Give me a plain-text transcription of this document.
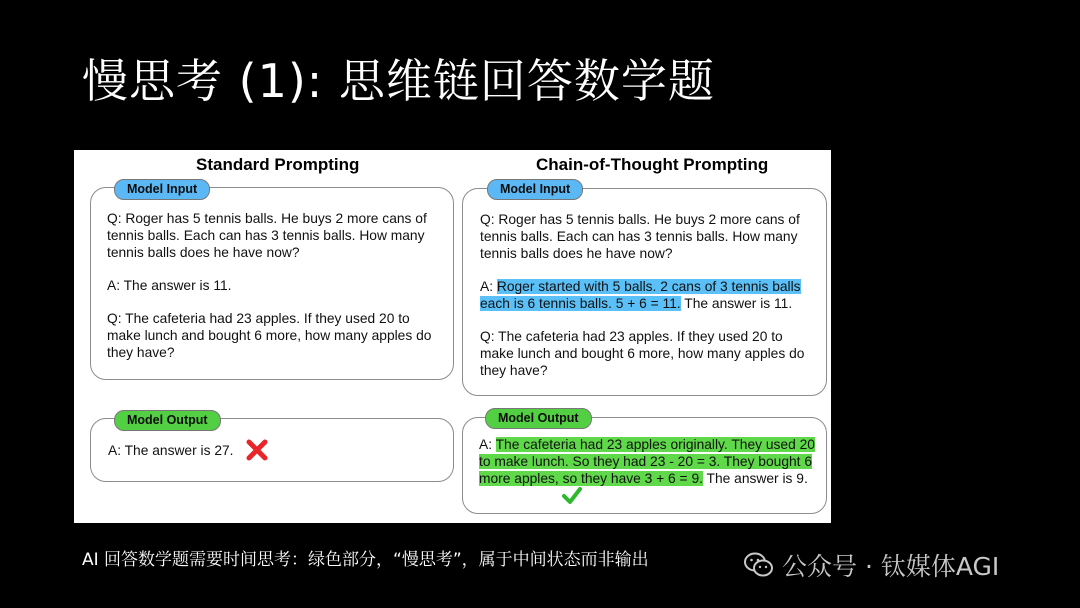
慢思考 (1): 思维链回答数学题
Standard Prompting

Q: Roger has 5 tennis balls. He buys 2 more cans of tennis balls. Each can has 3 tennis balls. How many tennis balls does he have now?

A: The answer is 11.

Q: The cafeteria had 23 apples. If they used 20 to make lunch and bought 6 more, how many apples do they have?

Model Input

A: The answer is 27.

Model Output
Chain-of-Thought Prompting

Q: Roger has 5 tennis balls. He buys 2 more cans of tennis balls. Each can has 3 tennis balls. How many tennis balls does he have now?

A: Roger started with 5 balls. 2 cans of 3 tennis balls each is 6 tennis balls. 5 + 6 = 11. The answer is 11.

Q: The cafeteria had 23 apples. If they used 20 to make lunch and bought 6 more, how many apples do they have?

Model Input

A: The cafeteria had 23 apples originally. They used 20 to make lunch. So they had 23 - 20 = 3. They bought 6 more apples, so they have 3 + 6 = 9. The answer is 9.

Model Output
AI 回答数学题需要时间思考：绿色部分，“慢思考”，属于中间状态而非输出	公众号 · 钛媒体AGI
